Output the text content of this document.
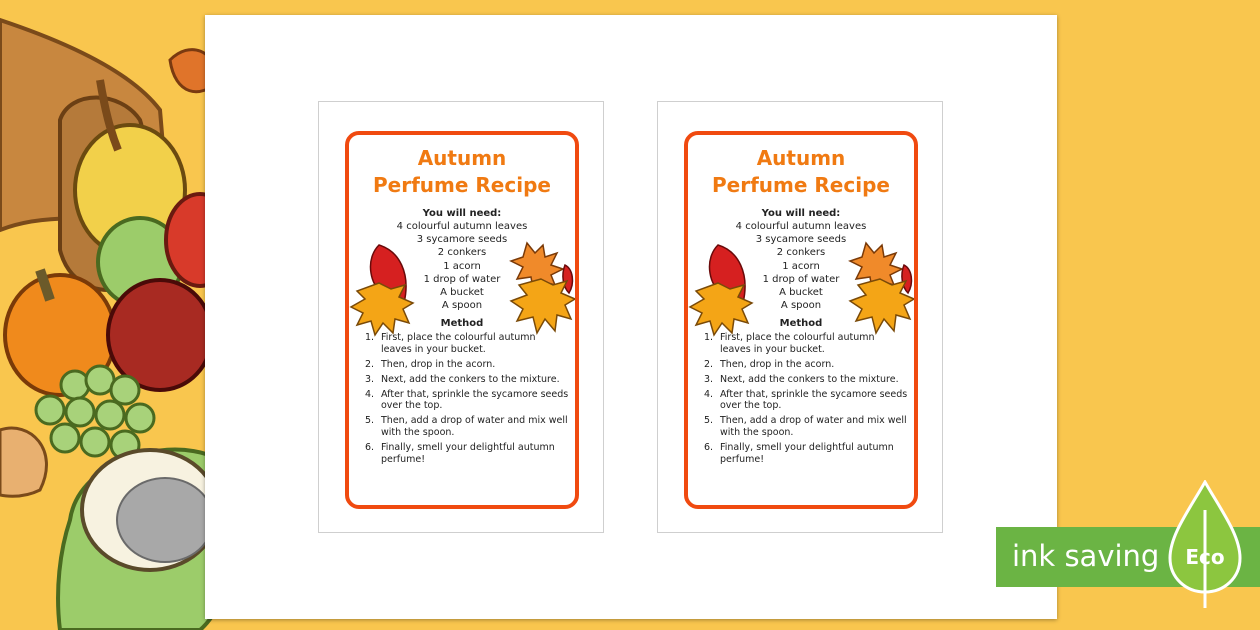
Autumn
Perfume Recipe
You will need:
4 colourful autumn leaves
3 sycamore seeds
2 conkers
1 acorn
1 drop of water
A bucket
A spoon
Method
1. First, place the colourful autumn leaves in your bucket.
2. Then, drop in the acorn.
3. Next, add the conkers to the mixture.
4. After that, sprinkle the sycamore seeds over the top.
5. Then, add a drop of water and mix well with the spoon.
6. Finally, smell your delightful autumn perfume!
Autumn
Perfume Recipe
You will need:
4 colourful autumn leaves
3 sycamore seeds
2 conkers
1 acorn
1 drop of water
A bucket
A spoon
Method
1. First, place the colourful autumn leaves in your bucket.
2. Then, drop in the acorn.
3. Next, add the conkers to the mixture.
4. After that, sprinkle the sycamore seeds over the top.
5. Then, add a drop of water and mix well with the spoon.
6. Finally, smell your delightful autumn perfume!
ink saving Eco
